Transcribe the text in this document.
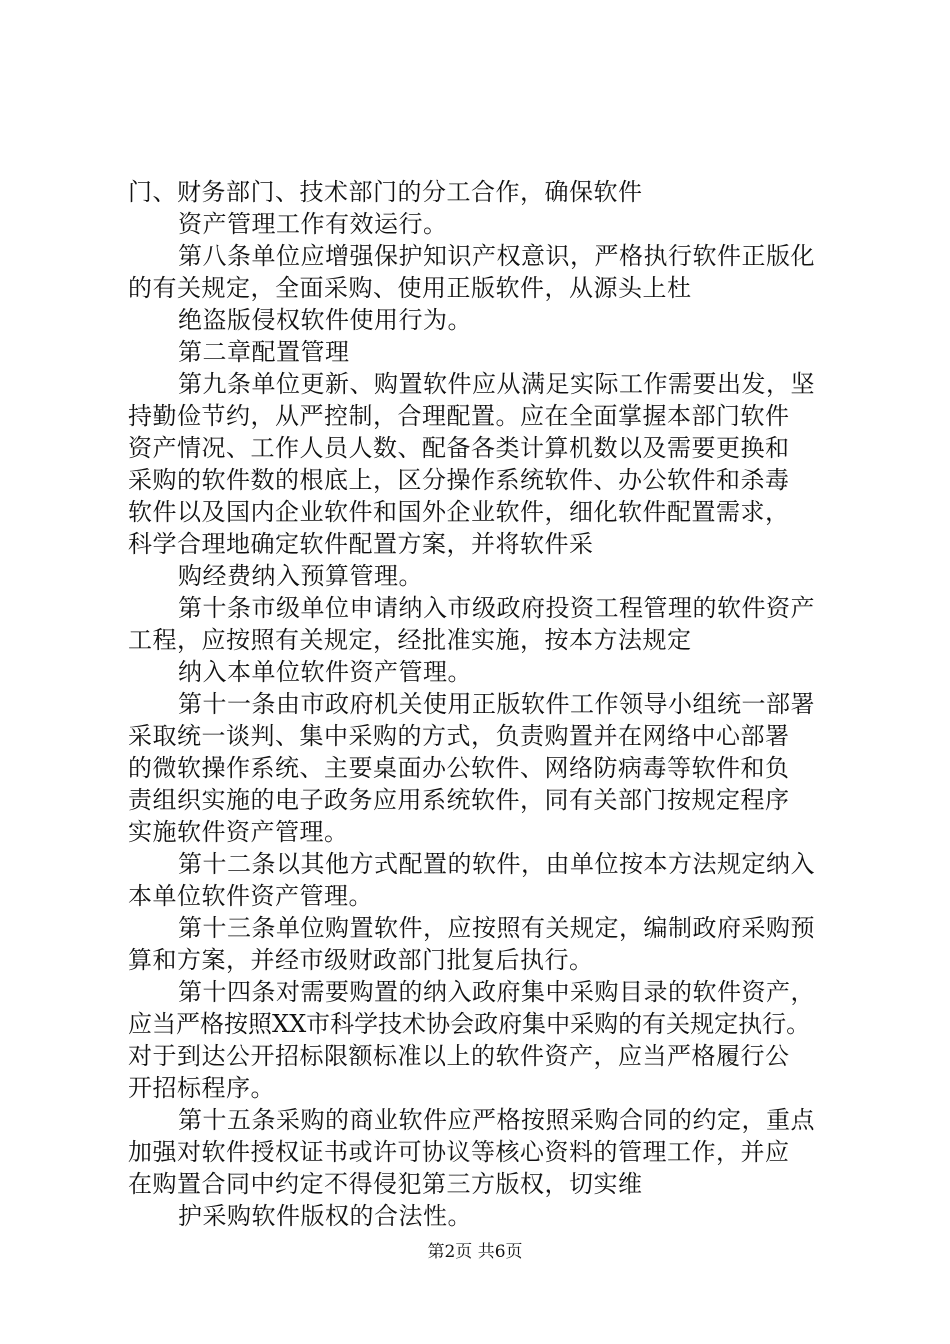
门、财务部门、技术部门的分工合作，确保软件
资产管理工作有效运行。
第八条单位应增强保护知识产权意识，严格执行软件正版化
的有关规定，全面采购、使用正版软件，从源头上杜
绝盗版侵权软件使用行为。
第二章配置管理
第九条单位更新、购置软件应从满足实际工作需要出发，坚
持勤俭节约，从严控制，合理配置。应在全面掌握本部门软件
资产情况、工作人员人数、配备各类计算机数以及需要更换和
采购的软件数的根底上，区分操作系统软件、办公软件和杀毒
软件以及国内企业软件和国外企业软件，细化软件配置需求，
科学合理地确定软件配置方案，并将软件采
购经费纳入预算管理。
第十条市级单位申请纳入市级政府投资工程管理的软件资产
工程，应按照有关规定，经批准实施，按本方法规定
纳入本单位软件资产管理。
第十一条由市政府机关使用正版软件工作领导小组统一部署
采取统一谈判、集中采购的方式，负责购置并在网络中心部署
的微软操作系统、主要桌面办公软件、网络防病毒等软件和负
责组织实施的电子政务应用系统软件，同有关部门按规定程序
实施软件资产管理。
第十二条以其他方式配置的软件，由单位按本方法规定纳入
本单位软件资产管理。
第十三条单位购置软件，应按照有关规定，编制政府采购预
算和方案，并经市级财政部门批复后执行。
第十四条对需要购置的纳入政府集中采购目录的软件资产，
应当严格按照XX市科学技术协会政府集中采购的有关规定执行。
对于到达公开招标限额标准以上的软件资产，应当严格履行公
开招标程序。
第十五条采购的商业软件应严格按照采购合同的约定，重点
加强对软件授权证书或许可协议等核心资料的管理工作，并应
在购置合同中约定不得侵犯第三方版权，切实维
护采购软件版权的合法性。
第2页 共6页
